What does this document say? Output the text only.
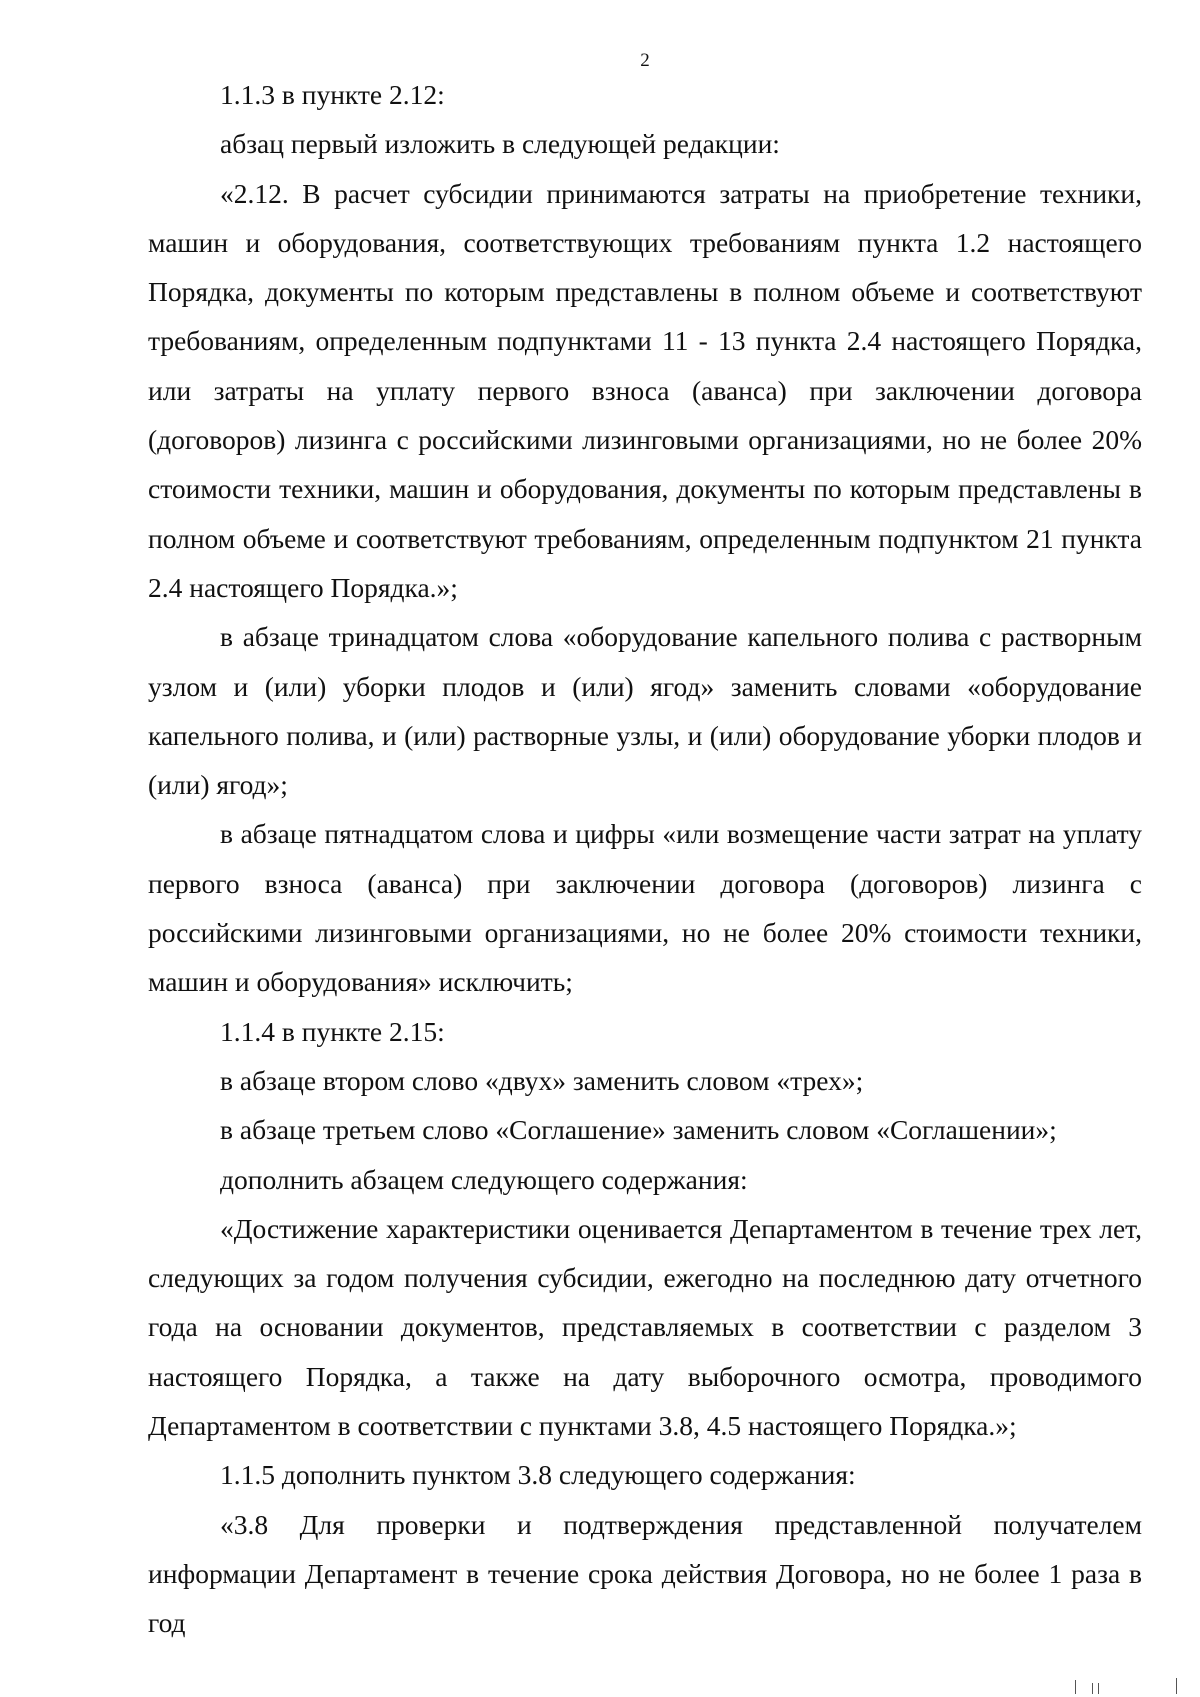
2

1.1.3 в пункте 2.12:

абзац первый изложить в следующей редакции:

«2.12. В расчет субсидии принимаются затраты на приобретение техники, машин и оборудования, соответствующих требованиям пункта 1.2 настоящего Порядка, документы по которым представлены в полном объеме и соответствуют требованиям, определенным подпунктами 11 - 13 пункта 2.4 настоящего Порядка, или затраты на уплату первого взноса (аванса) при заключении договора (договоров) лизинга с российскими лизинговыми организациями, но не более 20% стоимости техники, машин и оборудования, документы по которым представлены в полном объеме и соответствуют требованиям, определенным подпунктом 21 пункта 2.4 настоящего Порядка.»;

в абзаце тринадцатом слова «оборудование капельного полива с растворным узлом и (или) уборки плодов и (или) ягод» заменить словами «оборудование капельного полива, и (или) растворные узлы, и (или) оборудование уборки плодов и (или) ягод»;

в абзаце пятнадцатом слова и цифры «или возмещение части затрат на уплату первого взноса (аванса) при заключении договора (договоров) лизинга с российскими лизинговыми организациями, но не более 20% стоимости техники, машин и оборудования» исключить;

1.1.4 в пункте 2.15:

в абзаце втором слово «двух» заменить словом «трех»;

в абзаце третьем слово «Соглашение» заменить словом «Соглашении»;

дополнить абзацем следующего содержания:

«Достижение характеристики оценивается Департаментом в течение трех лет, следующих за годом получения субсидии, ежегодно на последнюю дату отчетного года на основании документов, представляемых в соответствии с разделом 3 настоящего Порядка, а также на дату выборочного осмотра, проводимого Департаментом в соответствии с пунктами 3.8, 4.5 настоящего Порядка.»;

1.1.5 дополнить пунктом 3.8 следующего содержания:

«3.8 Для проверки и подтверждения представленной получателем информации Департамент в течение срока действия Договора, но не более 1 раза в год
